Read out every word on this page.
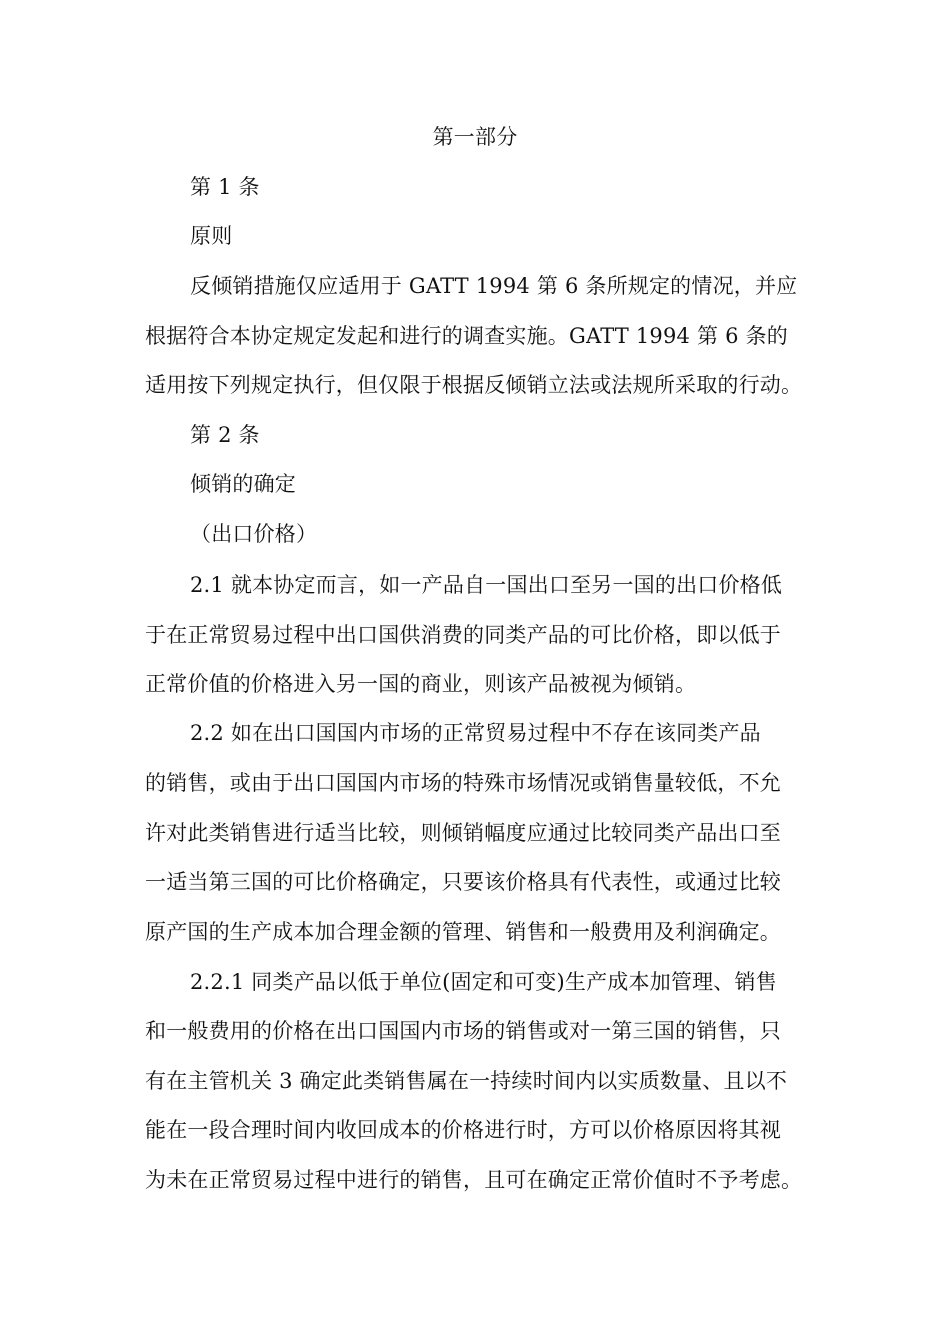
第一部分
第 1 条
原则
反倾销措施仅应适用于 GATT 1994 第 6 条所规定的情况，并应
根据符合本协定规定发起和进行的调查实施。GATT 1994 第 6 条的
适用按下列规定执行，但仅限于根据反倾销立法或法规所采取的行动。
第 2 条
倾销的确定
（出口价格）
2.1 就本协定而言，如一产品自一国出口至另一国的出口价格低
于在正常贸易过程中出口国供消费的同类产品的可比价格，即以低于
正常价值的价格进入另一国的商业，则该产品被视为倾销。
2.2 如在出口国国内市场的正常贸易过程中不存在该同类产品
的销售，或由于出口国国内市场的特殊市场情况或销售量较低，不允
许对此类销售进行适当比较，则倾销幅度应通过比较同类产品出口至
一适当第三国的可比价格确定，只要该价格具有代表性，或通过比较
原产国的生产成本加合理金额的管理、销售和一般费用及利润确定。
2.2.1 同类产品以低于单位(固定和可变)生产成本加管理、销售
和一般费用的价格在出口国国内市场的销售或对一第三国的销售，只
有在主管机关 3 确定此类销售属在一持续时间内以实质数量、且以不
能在一段合理时间内收回成本的价格进行时，方可以价格原因将其视
为未在正常贸易过程中进行的销售，且可在确定正常价值时不予考虑。
